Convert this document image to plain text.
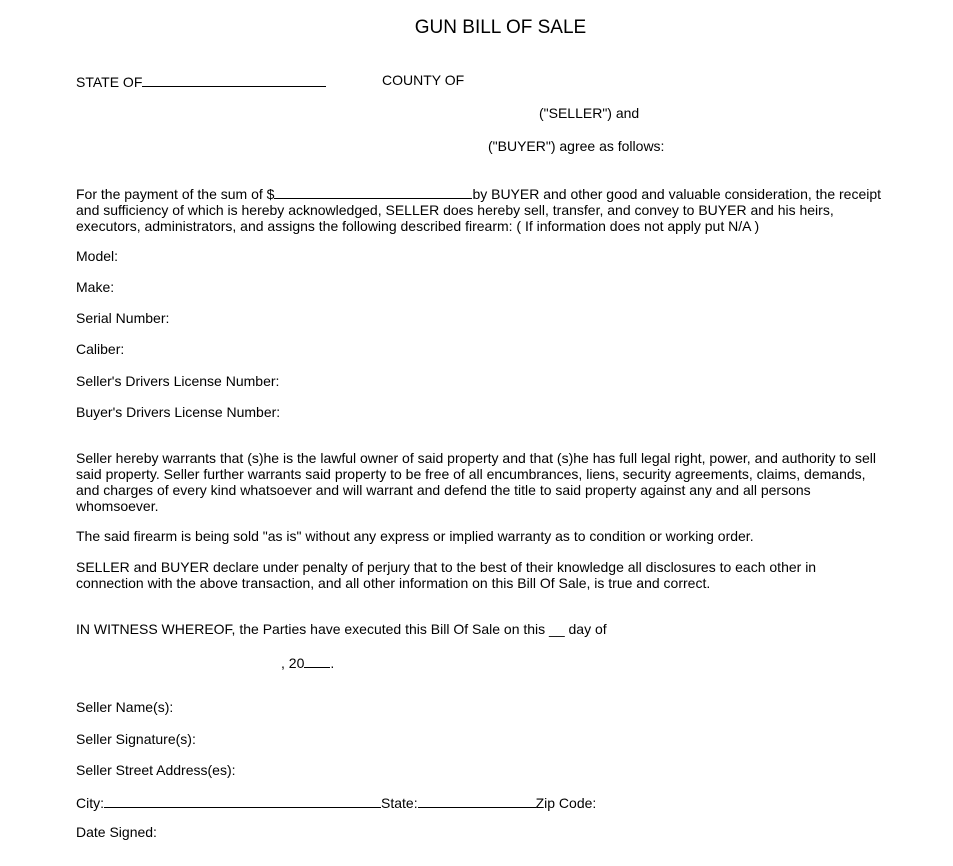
GUN BILL OF SALE
STATE OF	COUNTY OF
("SELLER") and
("BUYER") agree as follows:
For the payment of the sum of $	by BUYER and other good and valuable consideration, the receipt
and sufficiency of which is hereby acknowledged, SELLER does hereby sell, transfer, and convey to BUYER and his heirs,
executors, administrators, and assigns the following described firearm: ( If information does not apply put N/A )
Model:
Make:
Serial Number:
Caliber:
Seller's Drivers License Number:
Buyer's Drivers License Number:
Seller hereby warrants that (s)he is the lawful owner of said property and that (s)he has full legal right, power, and authority to sell
said property. Seller further warrants said property to be free of all encumbrances, liens, security agreements, claims, demands,
and charges of every kind whatsoever and will warrant and defend the title to said property against any and all persons
whomsoever.
The said firearm is being sold "as is" without any express or implied warranty as to condition or working order.
SELLER and BUYER declare under penalty of perjury that to the best of their knowledge all disclosures to each other in
connection with the above transaction, and all other information on this Bill Of Sale, is true and correct.
IN WITNESS WHEREOF, the Parties have executed this Bill Of Sale on this __ day of
, 20 .
Seller Name(s):
Seller Signature(s):
Seller Street Address(es):
City:	State:	Zip Code:
Date Signed:
